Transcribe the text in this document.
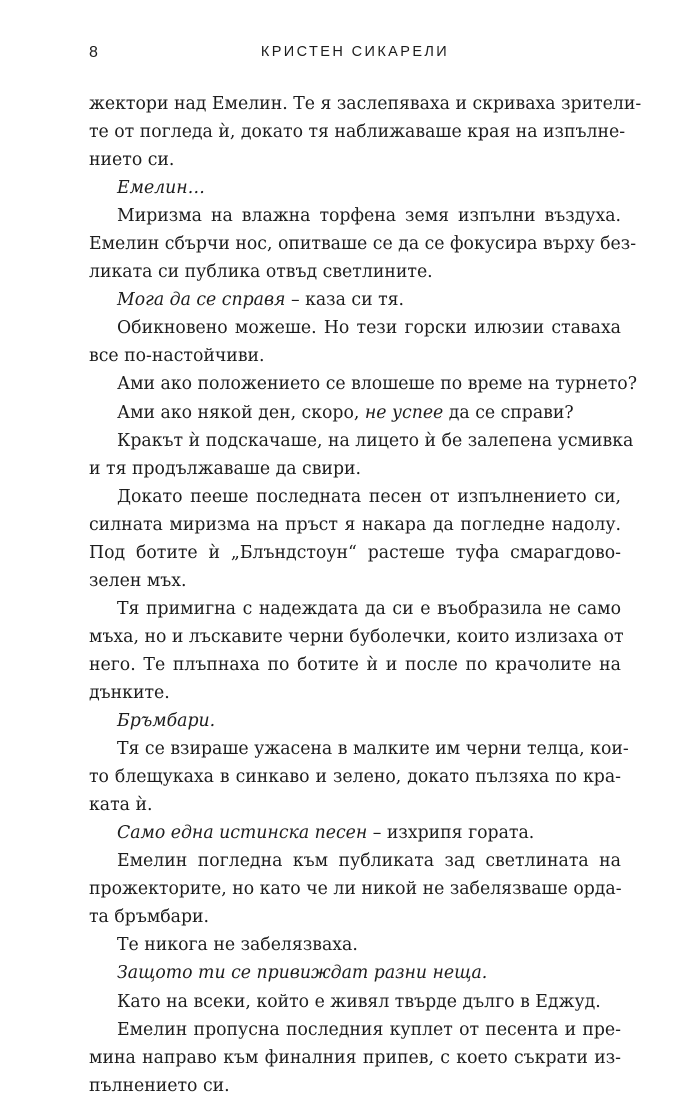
8	КРИСТЕН СИКАРЕЛИ
жектори над Емелин. Те я заслепяваха и скриваха зрители-
те от погледа ѝ, докато тя наближаваше края на изпълне-
нието си.
Емелин…
Миризма на влажна торфена земя изпълни въздуха.
Емелин сбърчи нос, опитваше се да се фокусира върху без-
ликата си публика отвъд светлините.
Мога да се справя – каза си тя.
Обикновено можеше. Но тези горски илюзии ставаха
все по-настойчиви.
Ами ако положението се влошеше по време на турнето?
Ами ако някой ден, скоро, не успее да се справи?
Кракът ѝ подскачаше, на лицето ѝ бе залепена усмивка
и тя продължаваше да свири.
Докато пееше последната песен от изпълнението си,
силната миризма на пръст я накара да погледне надолу.
Под ботите ѝ „Блъндстоун“ растеше туфа смарагдово-
зелен мъх.
Тя примигна с надеждата да си е въобразила не само
мъха, но и лъскавите черни буболечки, които излизаха от
него. Те плъпнаха по ботите ѝ и после по крачолите на
дънките.
Бръмбари.
Тя се взираше ужасена в малките им черни телца, кои-
то блещукаха в синкаво и зелено, докато пълзяха по кра-
ката ѝ.
Само една истинска песен – изхрипя гората.
Емелин погледна към публиката зад светлината на
прожекторите, но като че ли никой не забелязваше орда-
та бръмбари.
Те никога не забелязваха.
Защото ти се привиждат разни неща.
Като на всеки, който е живял твърде дълго в Еджуд.
Емелин пропусна последния куплет от песента и пре-
мина направо към финалния припев, с което съкрати из-
пълнението си.
